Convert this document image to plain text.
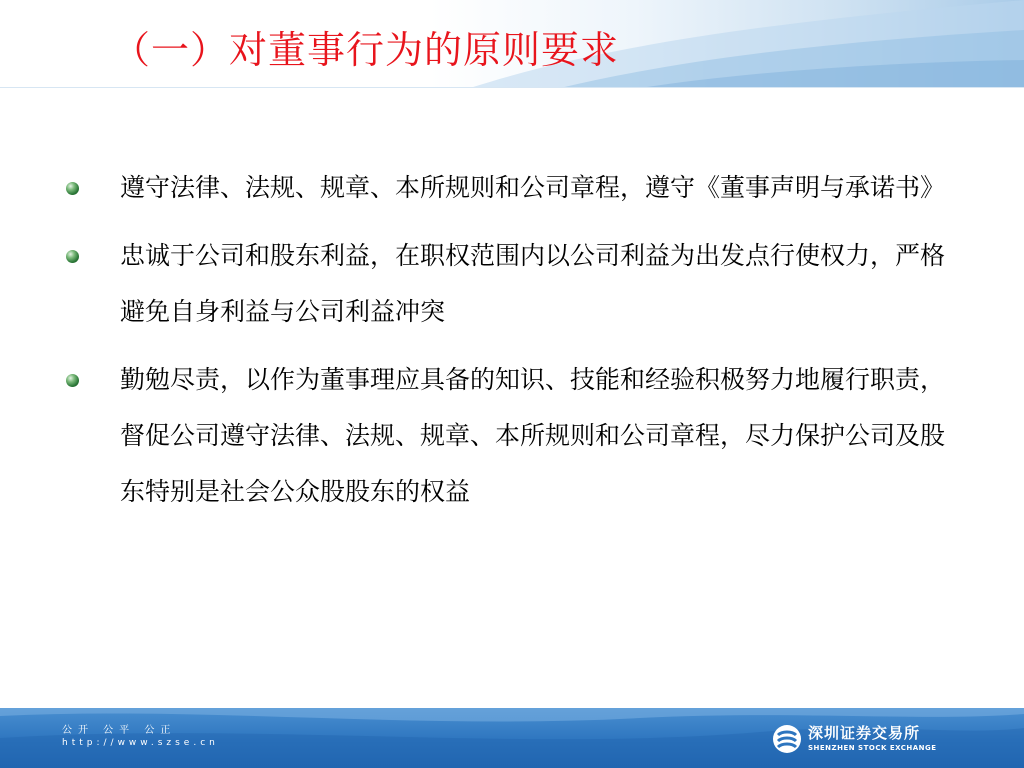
（一）对董事行为的原则要求
遵守法律、法规、规章、本所规则和公司章程，遵守《董事声明与承诺书》
忠诚于公司和股东利益，在职权范围内以公司利益为出发点行使权力，严格避免自身利益与公司利益冲突
勤勉尽责，以作为董事理应具备的知识、技能和经验积极努力地履行职责，督促公司遵守法律、法规、规章、本所规则和公司章程，尽力保护公司及股东特别是社会公众股股东的权益
公开 公平 公正
http://www.szse.cn
深圳证券交易所
SHENZHEN STOCK EXCHANGE
